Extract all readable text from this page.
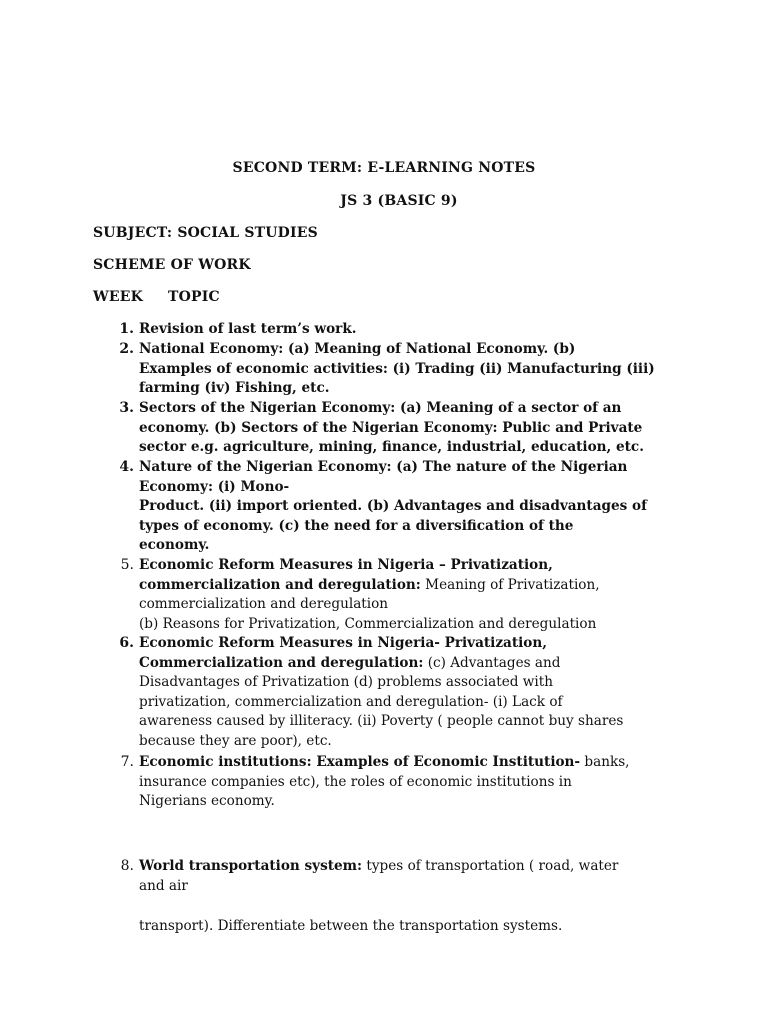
SECOND TERM: E-LEARNING NOTES
JS 3 (BASIC 9)
SUBJECT: SOCIAL STUDIES
SCHEME OF WORK
WEEK TOPIC
1. Revision of last term’s work.
2. National Economy: (a) Meaning of National Economy. (b)
Examples of economic activities: (i) Trading (ii) Manufacturing (iii)
farming (iv) Fishing, etc.
3. Sectors of the Nigerian Economy: (a) Meaning of a sector of an
economy. (b) Sectors of the Nigerian Economy: Public and Private
sector e.g. agriculture, mining, finance, industrial, education, etc.
4. Nature of the Nigerian Economy: (a) The nature of the Nigerian
Economy: (i) Mono-
Product. (ii) import oriented. (b) Advantages and disadvantages of
types of economy. (c) the need for a diversification of the
economy.
5. Economic Reform Measures in Nigeria – Privatization,
commercialization and deregulation: Meaning of Privatization,
commercialization and deregulation
(b) Reasons for Privatization, Commercialization and deregulation
6. Economic Reform Measures in Nigeria- Privatization,
Commercialization and deregulation: (c) Advantages and
Disadvantages of Privatization (d) problems associated with
privatization, commercialization and deregulation- (i) Lack of
awareness caused by illiteracy. (ii) Poverty ( people cannot buy shares
because they are poor), etc.
7. Economic institutions: Examples of Economic Institution- banks,
insurance companies etc), the roles of economic institutions in
Nigerians economy.
8. World transportation system: types of transportation ( road, water
and air
transport). Differentiate between the transportation systems.
